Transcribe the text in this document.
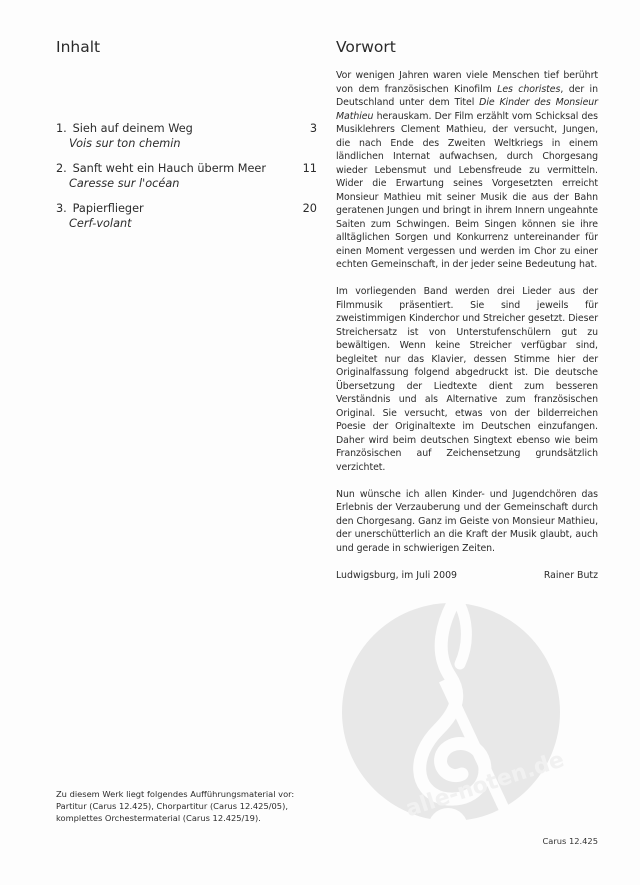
Inhalt
1. Sieh auf deinem Weg	3
Vois sur ton chemin
2. Sanft weht ein Hauch überm Meer	11
Caresse sur l'océan
3. Papierflieger	20
Cerf-volant
Vorwort

Vor wenigen Jahren waren viele Menschen tief berührt von dem französischen Kinofilm Les choristes, der in Deutschland unter dem Titel Die Kinder des Monsieur Mathieu herauskam. Der Film erzählt vom Schicksal des Musiklehrers Clement Mathieu, der versucht, Jungen, die nach Ende des Zweiten Weltkriegs in einem ländlichen Internat aufwachsen, durch Chorgesang wieder Lebensmut und Lebensfreude zu vermitteln. Wider die Erwartung seines Vorgesetzten erreicht Monsieur Mathieu mit seiner Musik die aus der Bahn geratenen Jungen und bringt in ihrem Innern ungeahnte Saiten zum Schwingen. Beim Singen können sie ihre alltäglichen Sorgen und Konkurrenz untereinander für einen Moment vergessen und werden im Chor zu einer echten Gemeinschaft, in der jeder seine Bedeutung hat.

Im vorliegenden Band werden drei Lieder aus der Filmmusik präsentiert. Sie sind jeweils für zweistimmigen Kinderchor und Streicher gesetzt. Dieser Streichersatz ist von Unterstufenschülern gut zu bewältigen. Wenn keine Streicher verfügbar sind, begleitet nur das Klavier, dessen Stimme hier der Originalfassung folgend abgedruckt ist. Die deutsche Übersetzung der Liedtexte dient zum besseren Verständnis und als Alternative zum französischen Original. Sie versucht, etwas von der bilderreichen Poesie der Originaltexte im Deutschen einzufangen. Daher wird beim deutschen Singtext ebenso wie beim Französischen auf Zeichensetzung grundsätzlich verzichtet.

Nun wünsche ich allen Kinder- und Jugendchören das Erlebnis der Verzauberung und der Gemeinschaft durch den Chorgesang. Ganz im Geiste von Monsieur Mathieu, der unerschütterlich an die Kraft der Musik glaubt, auch und gerade in schwierigen Zeiten.

Ludwigsburg, im Juli 2009	Rainer Butz
alle-noten.de
Zu diesem Werk liegt folgendes Aufführungsmaterial vor:
Partitur (Carus 12.425), Chorpartitur (Carus 12.425/05),
komplettes Orchestermaterial (Carus 12.425/19).
Carus 12.425
